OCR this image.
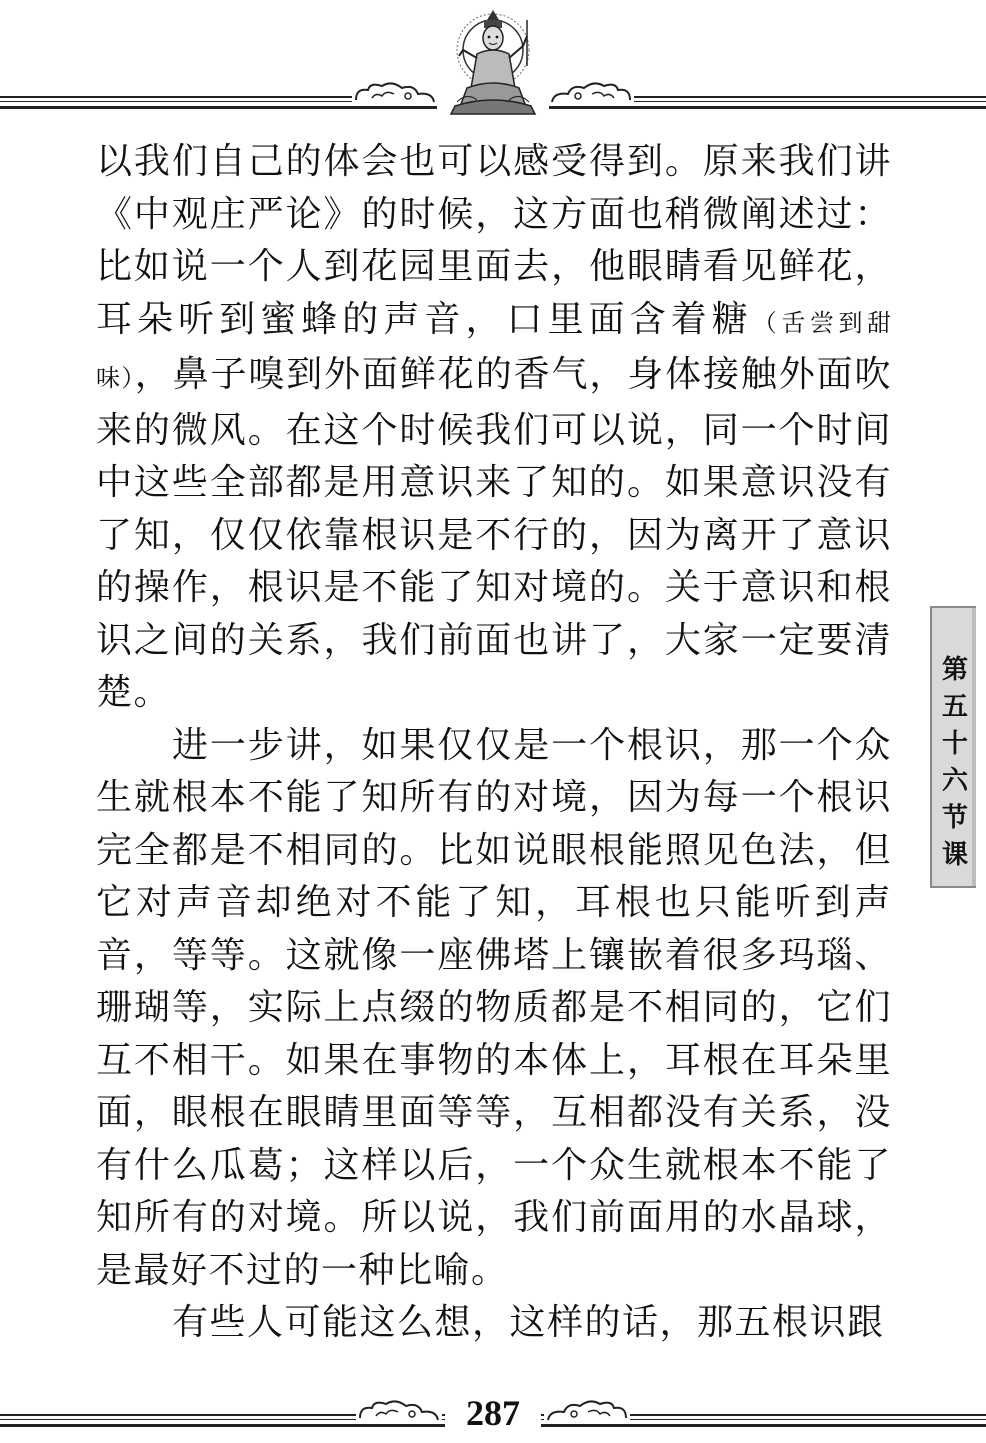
以我们自己的体会也可以感受得到。原来我们讲《中观庄严论》的时候，这方面也稍微阐述过：比如说一个人到花园里面去，他眼睛看见鲜花，耳朵听到蜜蜂的声音，口里面含着糖（舌尝到甜味），鼻子嗅到外面鲜花的香气，身体接触外面吹来的微风。在这个时候我们可以说，同一个时间中这些全部都是用意识来了知的。如果意识没有了知，仅仅依靠根识是不行的，因为离开了意识的操作，根识是不能了知对境的。关于意识和根识之间的关系，我们前面也讲了，大家一定要清楚。

进一步讲，如果仅仅是一个根识，那一个众生就根本不能了知所有的对境，因为每一个根识完全都是不相同的。比如说眼根能照见色法，但它对声音却绝对不能了知，耳根也只能听到声音，等等。这就像一座佛塔上镶嵌着很多玛瑙、珊瑚等，实际上点缀的物质都是不相同的，它们互不相干。如果在事物的本体上，耳根在耳朵里面，眼根在眼睛里面等等，互相都没有关系，没有什么瓜葛；这样以后，一个众生就根本不能了知所有的对境。所以说，我们前面用的水晶球，是最好不过的一种比喻。

有些人可能这么想，这样的话，那五根识跟

第
五
十
六
节
课
287
